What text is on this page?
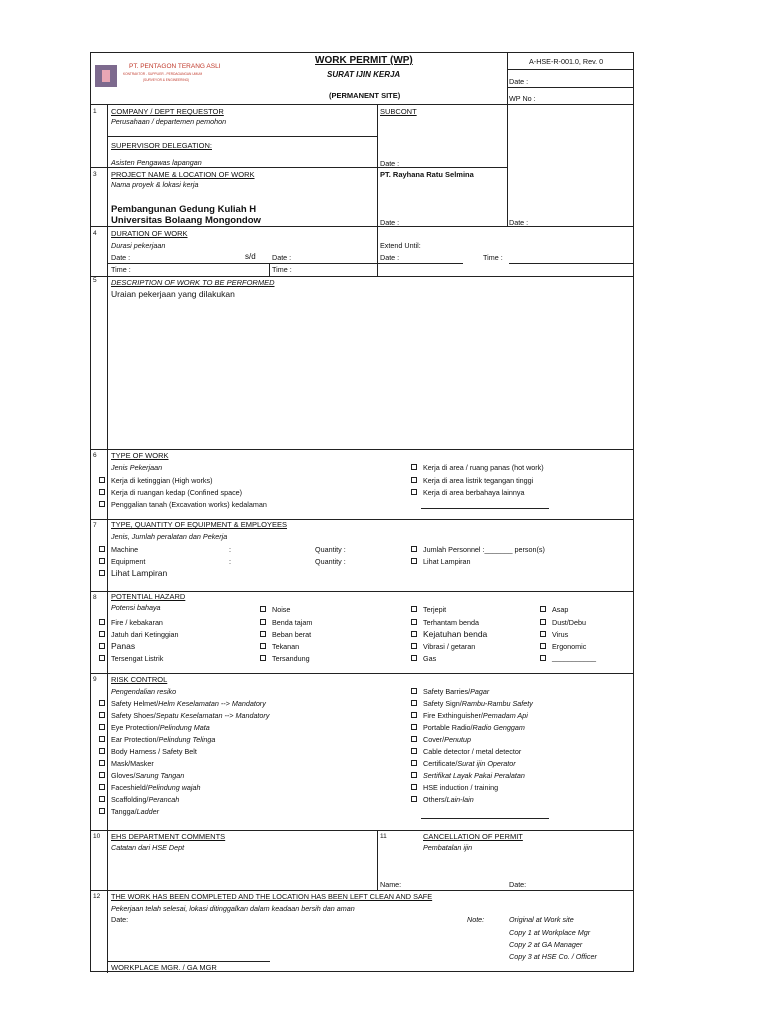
PT. PENTAGON TERANG ASLI
KONTRAKTOR - SUPPLIER - PERDAGANGAN UMUM
(SURVEYOR & ENGINEERING)
WORK PERMIT (WP)
SURAT IJIN KERJA
(PERMANENT SITE)
A-HSE-R-001.0, Rev. 0
Date :
WP No :
1 COMPANY / DEPT REQUESTOR
Perusahaan / departemen pemohon
SUBCONT
SUPERVISOR DELEGATION:
Asisten Pengawas lapangan	Date :
3 PROJECT NAME & LOCATION OF WORK
Nama proyek & lokasi kerja
PT. Rayhana Ratu Selmina
Pembangunan Gedung Kuliah H
Universitas Bolaang Mongondow	Date :	Date :
4 DURATION OF WORK
Durasi pekerjaan
Date :	s/d Date :
Time :	Time :
Extend Until:
Date :	Time :
5 DESCRIPTION OF WORK TO BE PERFORMED
Uraian pekerjaan yang dilakukan
6 TYPE OF WORK
Jenis Pekerjaan
Kerja di ketinggian (High works)
Kerja di ruangan kedap (Confined space)
Penggalian tanah (Excavation works) kedalaman
Kerja di area / ruang panas (hot work)
Kerja di area listrik tegangan tinggi
Kerja di area berbahaya lainnya
7 TYPE, QUANTITY OF EQUIPMENT & EMPLOYEES
Jenis, Jumlah peralatan dan Pekerja
Machine	:	Quantity :
Equipment	:	Quantity :
Lihat Lampiran
Jumlah Personnel :_______ person(s)
Lihat Lampiran
8 POTENTIAL HAZARD
Potensi bahaya
Fire / kebakaran
Jatuh dari Ketinggian
Panas
Tersengat Listrik
Noise
Benda tajam
Beban berat
Tekanan
Tersandung
Terjepit
Terhantam benda
Kejatuhan benda
Vibrasi / getaran
Gas
Asap
Dust/Debu
Virus
Ergonomic
___________
9 RISK CONTROL
Pengendalian resiko
Safety Helmet/Helm Keselamatan --> Mandatory
Safety Shoes/Sepatu Keselamatan --> Mandatory
Eye Protection/Pelindung Mata
Ear Protection/Pelindung Telinga
Body Harness / Safety Belt
Mask/Masker
Gloves/Sarung Tangan
Faceshield/Pelindung wajah
Scaffolding/Perancah
Tangga/Ladder
Safety Barries/Pagar
Safety Sign/Rambu-Rambu Safety
Fire Exthinguisher/Pemadam Api
Portable Radio/Radio Genggam
Cover/Penutup
Cable detector / metal detector
Certificate/Surat ijin Operator
Sertifikat Layak Pakai Peralatan
HSE induction / training
Others/Lain-lain
10 EHS DEPARTMENT COMMENTS
Catatan dari HSE Dept
11	CANCELLATION OF PERMIT
Pembatalan ijin
Name:	Date:
12 THE WORK HAS BEEN COMPLETED AND THE LOCATION HAS BEEN LEFT CLEAN AND SAFE
Pekerjaan telah selesai, lokasi ditinggalkan dalam keadaan bersih dan aman
Date:	Note:	Original at Work site
Copy 1 at Workplace Mgr
Copy 2 at GA Manager
Copy 3 at HSE Co. / Officer
WORKPLACE MGR. / GA MGR
